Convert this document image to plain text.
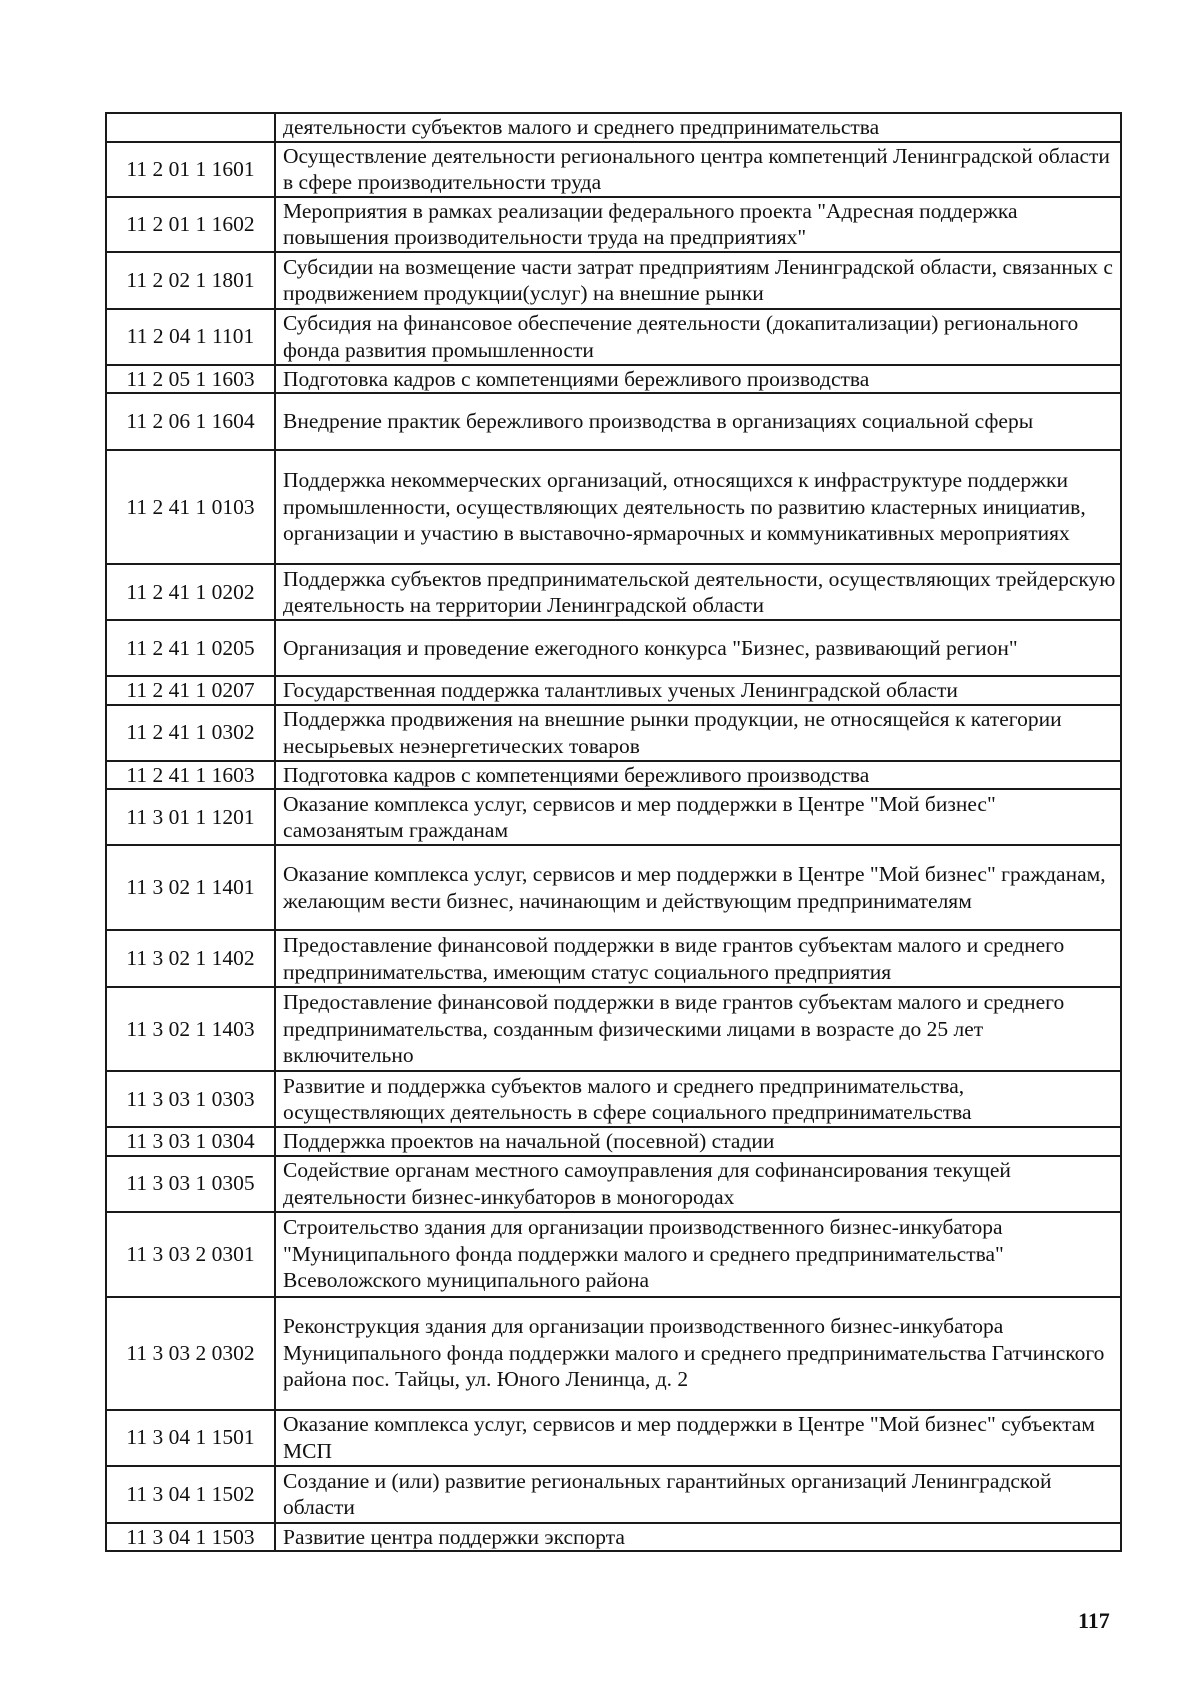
	деятельности субъектов малого и среднего предпринимательства
11 2 01 1 1601	Осуществление деятельности регионального центра компетенций Ленинградской области в сфере производительности труда
11 2 01 1 1602	Мероприятия в рамках реализации федерального проекта "Адресная поддержка повышения производительности труда на предприятиях"
11 2 02 1 1801	Субсидии на возмещение части затрат предприятиям Ленинградской области, связанных с продвижением продукции(услуг) на внешние рынки
11 2 04 1 1101	Субсидия на финансовое обеспечение деятельности (докапитализации) регионального фонда развития промышленности
11 2 05 1 1603	Подготовка кадров с компетенциями бережливого производства
11 2 06 1 1604	Внедрение практик бережливого производства в организациях социальной сферы
11 2 41 1 0103	Поддержка некоммерческих организаций, относящихся к инфраструктуре поддержки промышленности, осуществляющих деятельность по развитию кластерных инициатив, организации и участию в выставочно-ярмарочных и коммуникативных мероприятиях
11 2 41 1 0202	Поддержка субъектов предпринимательской деятельности, осуществляющих трейдерскую деятельность на территории Ленинградской области
11 2 41 1 0205	Организация и проведение ежегодного конкурса "Бизнес, развивающий регион"
11 2 41 1 0207	Государственная поддержка талантливых ученых Ленинградской области
11 2 41 1 0302	Поддержка продвижения на внешние рынки продукции, не относящейся к категории несырьевых неэнергетических товаров
11 2 41 1 1603	Подготовка кадров с компетенциями бережливого производства
11 3 01 1 1201	Оказание комплекса услуг, сервисов и мер поддержки в Центре "Мой бизнес" самозанятым гражданам
11 3 02 1 1401	Оказание комплекса услуг, сервисов и мер поддержки в Центре "Мой бизнес" гражданам, желающим вести бизнес, начинающим и действующим предпринимателям
11 3 02 1 1402	Предоставление финансовой поддержки в виде грантов субъектам малого и среднего предпринимательства, имеющим статус социального предприятия
11 3 02 1 1403	Предоставление финансовой поддержки в виде грантов субъектам малого и среднего предпринимательства, созданным физическими лицами в возрасте до 25 лет включительно
11 3 03 1 0303	Развитие и поддержка субъектов малого и среднего предпринимательства, осуществляющих деятельность в сфере социального предпринимательства
11 3 03 1 0304	Поддержка проектов на начальной (посевной) стадии
11 3 03 1 0305	Содействие органам местного самоуправления для софинансирования текущей деятельности бизнес-инкубаторов в моногородах
11 3 03 2 0301	Строительство здания для организации производственного бизнес-инкубатора "Муниципального фонда поддержки малого и среднего предпринимательства" Всеволожского муниципального района
11 3 03 2 0302	Реконструкция здания для организации производственного бизнес-инкубатора Муниципального фонда поддержки малого и среднего предпринимательства Гатчинского района пос. Тайцы, ул. Юного Ленинца, д. 2
11 3 04 1 1501	Оказание комплекса услуг, сервисов и мер поддержки в Центре "Мой бизнес" субъектам МСП
11 3 04 1 1502	Создание и (или) развитие региональных гарантийных организаций Ленинградской области
11 3 04 1 1503	Развитие центра поддержки экспорта
117
